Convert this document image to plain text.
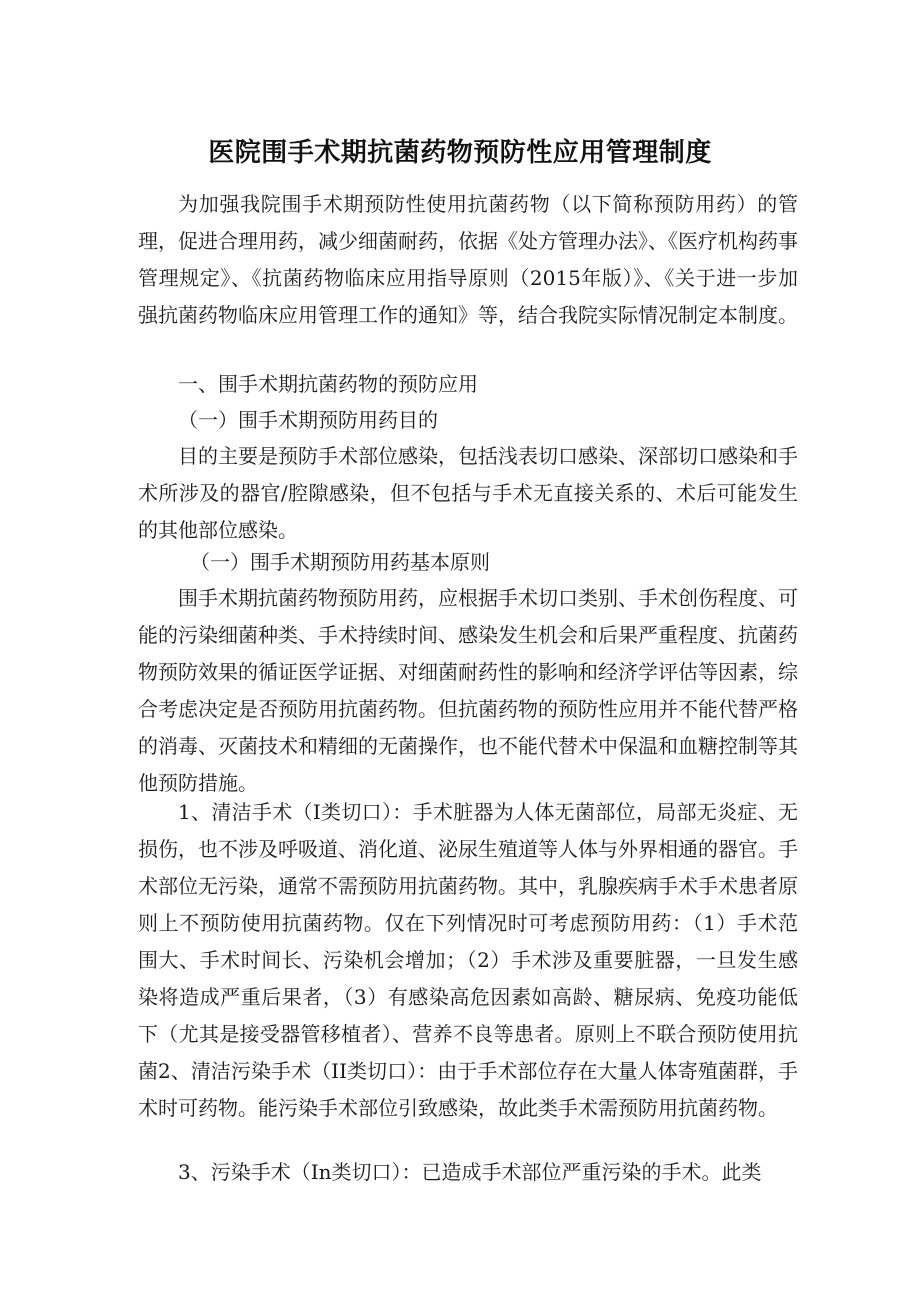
医院围手术期抗菌药物预防性应用管理制度

为加强我院围手术期预防性使用抗菌药物（以下简称预防用药）的管理，促进合理用药，减少细菌耐药，依据《处方管理办法》、《医疗机构药事管理规定》、《抗菌药物临床应用指导原则（2015年版）》、《关于进一步加强抗菌药物临床应用管理工作的通知》等，结合我院实际情况制定本制度。

一、围手术期抗菌药物的预防应用

（一）围手术期预防用药目的

目的主要是预防手术部位感染，包括浅表切口感染、深部切口感染和手术所涉及的器官/腔隙感染，但不包括与手术无直接关系的、术后可能发生的其他部位感染。

（一）围手术期预防用药基本原则

围手术期抗菌药物预防用药，应根据手术切口类别、手术创伤程度、可能的污染细菌种类、手术持续时间、感染发生机会和后果严重程度、抗菌药物预防效果的循证医学证据、对细菌耐药性的影响和经济学评估等因素，综合考虑决定是否预防用抗菌药物。但抗菌药物的预防性应用并不能代替严格的消毒、灭菌技术和精细的无菌操作，也不能代替术中保温和血糖控制等其他预防措施。

1、清洁手术（I类切口）：手术脏器为人体无菌部位，局部无炎症、无损伤，也不涉及呼吸道、消化道、泌尿生殖道等人体与外界相通的器官。手术部位无污染，通常不需预防用抗菌药物。其中，乳腺疾病手术手术患者原则上不预防使用抗菌药物。仅在下列情况时可考虑预防用药：（1）手术范围大、手术时间长、污染机会增加；（2）手术涉及重要脏器，一旦发生感染将造成严重后果者，（3）有感染高危因素如高龄、糖尿病、免疫功能低下（尤其是接受器管移植者）、营养不良等患者。原则上不联合预防使用抗菌2、清洁污染手术（II类切口）：由于手术部位存在大量人体寄殖菌群，手术时可药物。能污染手术部位引致感染，故此类手术需预防用抗菌药物。

3、污染手术（In类切口）：已造成手术部位严重污染的手术。此类
